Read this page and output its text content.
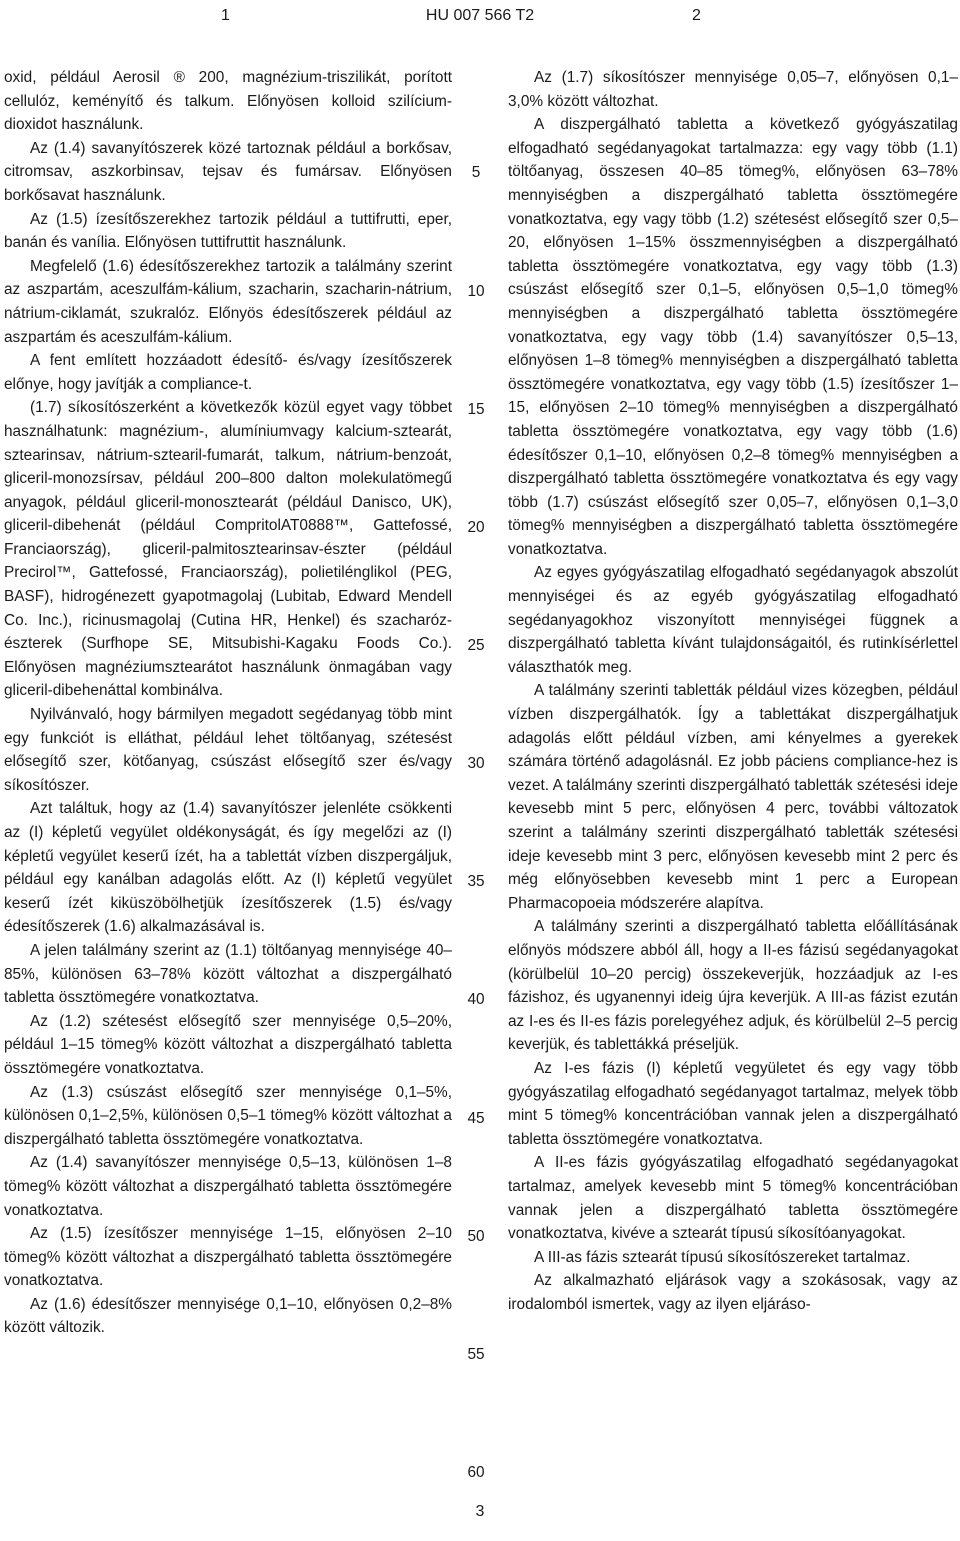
1	HU 007 566 T2	2

oxid, például Aerosil ® 200, magnézium-triszilikát, porított cellulóz, keményítő és talkum. Előnyösen kolloid szilícium-dioxidot használunk.

Az (1.4) savanyítószerek közé tartoznak például a borkősav, citromsav, aszkorbinsav, tejsav és fumársav. Előnyösen borkősavat használunk.

Az (1.5) ízesítőszerekhez tartozik például a tuttifrutti, eper, banán és vanília. Előnyösen tuttifruttit használunk.

Megfelelő (1.6) édesítőszerekhez tartozik a találmány szerint az aszpartám, aceszulfám-kálium, szacharin, szacharin-nátrium, nátrium-ciklamát, szukralóz. Előnyös édesítőszerek például az aszpartám és aceszulfám-kálium.

A fent említett hozzáadott édesítő- és/vagy ízesítőszerek előnye, hogy javítják a compliance-t.

(1.7) síkosítószerként a következők közül egyet vagy többet használhatunk: magnézium-, alumíniumvagy kalcium-sztearát, sztearinsav, nátrium-sztearil-fumarát, talkum, nátrium-benzoát, gliceril-monozsírsav, például 200–800 dalton molekulatömegű anyagok, például gliceril-monosztearát (például Danisco, UK), gliceril-dibehenát (például CompritolAT0888™, Gattefossé, Franciaország), gliceril-palmitosztearinsav-észter (például Precirol™, Gattefossé, Franciaország), polietilénglikol (PEG, BASF), hidrogénezett gyapotmagolaj (Lubitab, Edward Mendell Co. Inc.), ricinusmagolaj (Cutina HR, Henkel) és szacharóz-észterek (Surfhope SE, Mitsubishi-Kagaku Foods Co.). Előnyösen magnéziumsztearátot használunk önmagában vagy gliceril-dibehenáttal kombinálva.

Nyilvánvaló, hogy bármilyen megadott segédanyag több mint egy funkciót is elláthat, például lehet töltőanyag, szétesést elősegítő szer, kötőanyag, csúszást elősegítő szer és/vagy síkosítószer.

Azt találtuk, hogy az (1.4) savanyítószer jelenléte csökkenti az (I) képletű vegyület oldékonyságát, és így megelőzi az (I) képletű vegyület keserű ízét, ha a tablettát vízben diszpergáljuk, például egy kanálban adagolás előtt. Az (I) képletű vegyület keserű ízét kiküszöbölhetjük ízesítőszerek (1.5) és/vagy édesítőszerek (1.6) alkalmazásával is.

A jelen találmány szerint az (1.1) töltőanyag mennyisége 40–85%, különösen 63–78% között változhat a diszpergálható tabletta össztömegére vonatkoztatva.

Az (1.2) szétesést elősegítő szer mennyisége 0,5–20%, például 1–15 tömeg% között változhat a diszpergálható tabletta össztömegére vonatkoztatva.

Az (1.3) csúszást elősegítő szer mennyisége 0,1–5%, különösen 0,1–2,5%, különösen 0,5–1 tömeg% között változhat a diszpergálható tabletta össztömegére vonatkoztatva.

Az (1.4) savanyítószer mennyisége 0,5–13, különösen 1–8 tömeg% között változhat a diszpergálható tabletta össztömegére vonatkoztatva.

Az (1.5) ízesítőszer mennyisége 1–15, előnyösen 2–10 tömeg% között változhat a diszpergálható tabletta össztömegére vonatkoztatva.

Az (1.6) édesítőszer mennyisége 0,1–10, előnyösen 0,2–8% között változik.

Az (1.7) síkosítószer mennyisége 0,05–7, előnyösen 0,1–3,0% között változhat.

A diszpergálható tabletta a következő gyógyászatilag elfogadható segédanyagokat tartalmazza: egy vagy több (1.1) töltőanyag, összesen 40–85 tömeg%, előnyösen 63–78% mennyiségben a diszpergálható tabletta össztömegére vonatkoztatva, egy vagy több (1.2) szétesést elősegítő szer 0,5–20, előnyösen 1–15% összmennyiségben a diszpergálható tabletta össztömegére vonatkoztatva, egy vagy több (1.3) csúszást elősegítő szer 0,1–5, előnyösen 0,5–1,0 tömeg% mennyiségben a diszpergálható tabletta össztömegére vonatkoztatva, egy vagy több (1.4) savanyítószer 0,5–13, előnyösen 1–8 tömeg% mennyiségben a diszpergálható tabletta össztömegére vonatkoztatva, egy vagy több (1.5) ízesítőszer 1–15, előnyösen 2–10 tömeg% mennyiségben a diszpergálható tabletta össztömegére vonatkoztatva, egy vagy több (1.6) édesítőszer 0,1–10, előnyösen 0,2–8 tömeg% mennyiségben a diszpergálható tabletta össztömegére vonatkoztatva és egy vagy több (1.7) csúszást elősegítő szer 0,05–7, előnyösen 0,1–3,0 tömeg% mennyiségben a diszpergálható tabletta össztömegére vonatkoztatva.

Az egyes gyógyászatilag elfogadható segédanyagok abszolút mennyiségei és az egyéb gyógyászatilag elfogadható segédanyagokhoz viszonyított mennyiségei függnek a diszpergálható tabletta kívánt tulajdonságaitól, és rutinkísérlettel választhatók meg.

A találmány szerinti tabletták például vizes közegben, például vízben diszpergálhatók. Így a tablettákat diszpergálhatjuk adagolás előtt például vízben, ami kényelmes a gyerekek számára történő adagolásnál. Ez jobb páciens compliance-hez is vezet. A találmány szerinti diszpergálható tabletták szétesési ideje kevesebb mint 5 perc, előnyösen 4 perc, további változatok szerint a találmány szerinti diszpergálható tabletták szétesési ideje kevesebb mint 3 perc, előnyösen kevesebb mint 2 perc és még előnyösebben kevesebb mint 1 perc a European Pharmacopoeia módszerére alapítva.

A találmány szerinti a diszpergálható tabletta előállításának előnyös módszere abból áll, hogy a II-es fázisú segédanyagokat (körülbelül 10–20 percig) összekeverjük, hozzáadjuk az I-es fázishoz, és ugyanennyi ideig újra keverjük. A III-as fázist ezután az I-es és II-es fázis porelegyéhez adjuk, és körülbelül 2–5 percig keverjük, és tablettákká préseljük.

Az I-es fázis (I) képletű vegyületet és egy vagy több gyógyászatilag elfogadható segédanyagot tartalmaz, melyek több mint 5 tömeg% koncentrációban vannak jelen a diszpergálható tabletta össztömegére vonatkoztatva.

A II-es fázis gyógyászatilag elfogadható segédanyagokat tartalmaz, amelyek kevesebb mint 5 tömeg% koncentrációban vannak jelen a diszpergálható tabletta össztömegére vonatkoztatva, kivéve a sztearát típusú síkosítóanyagokat.

A III-as fázis sztearát típusú síkosítószereket tartalmaz.

Az alkalmazható eljárások vagy a szokásosak, vagy az irodalomból ismertek, vagy az ilyen eljáráso-

5
10
15
20
25
30
35
40
45
50
55
60
3
